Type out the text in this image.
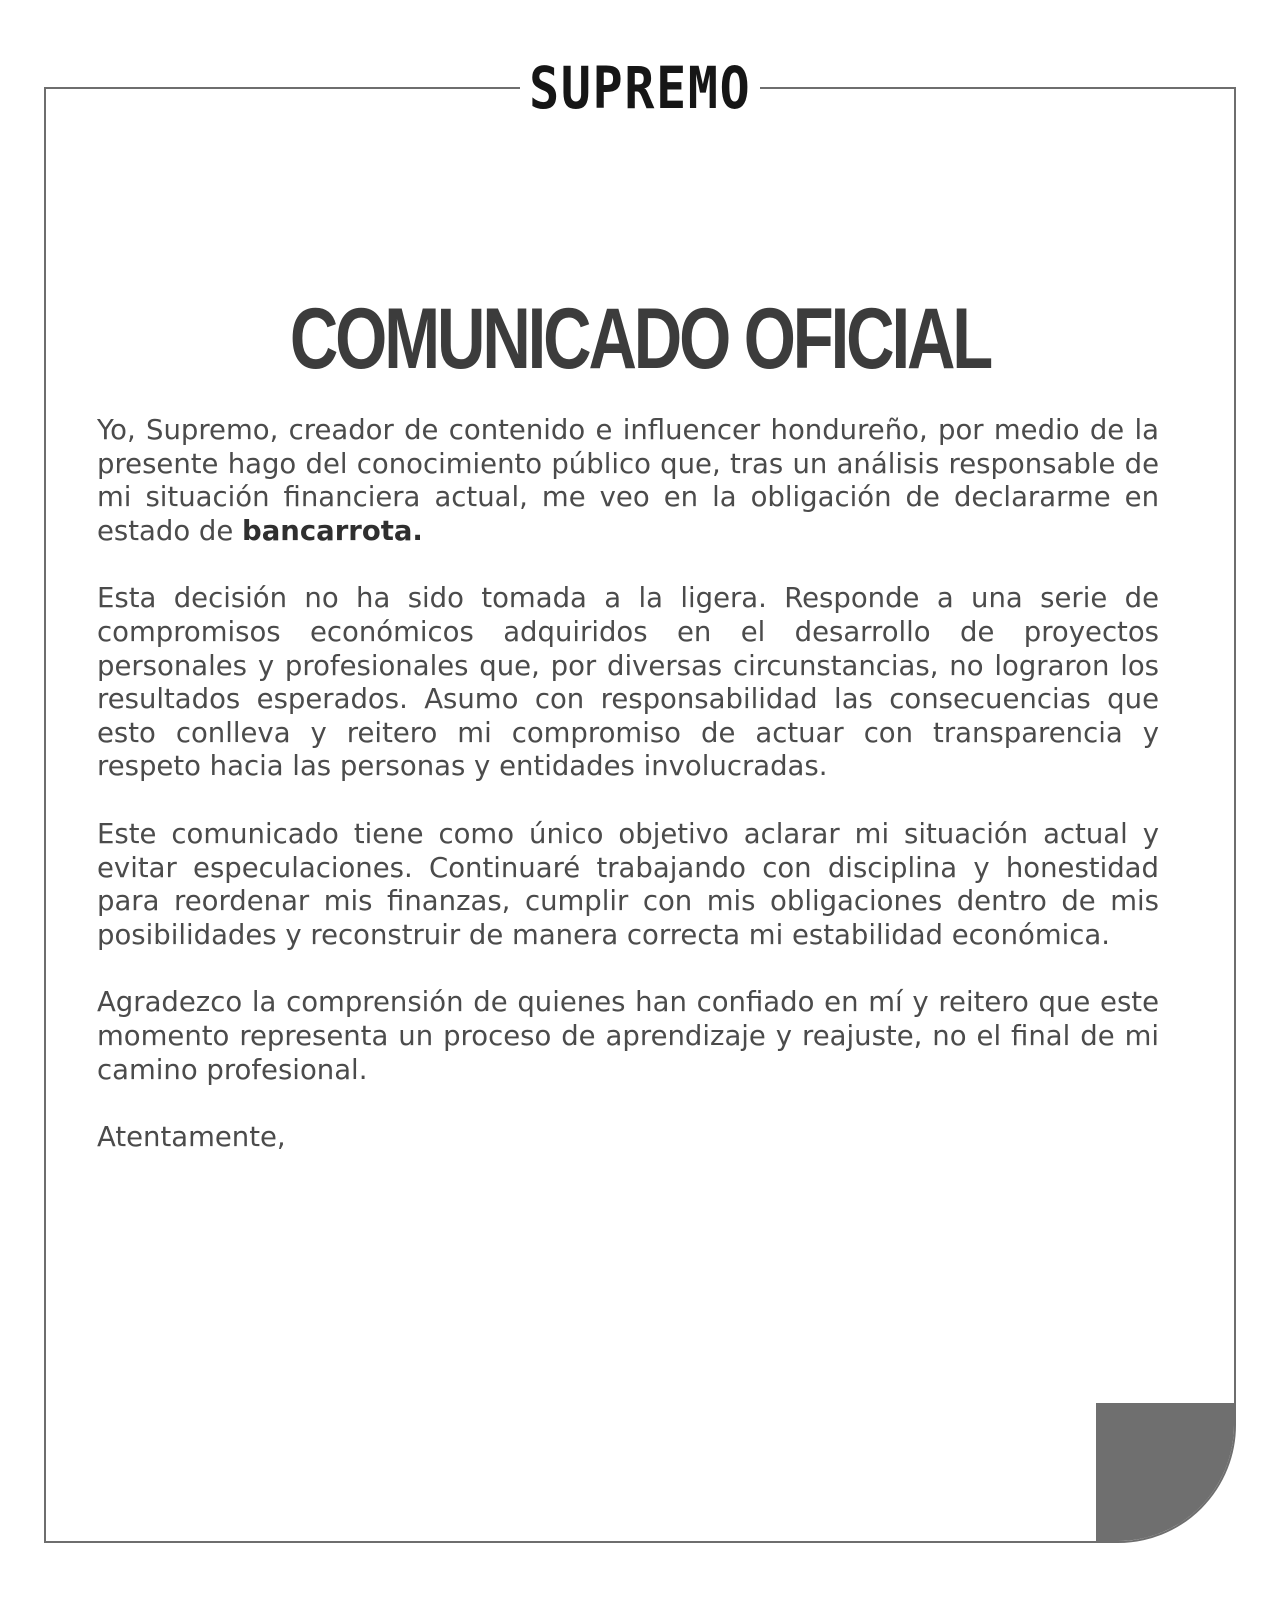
SUPREMO
COMUNICADO OFICIAL

Yo, Supremo, creador de contenido e influencer hondureño, por medio de la presente hago del conocimiento público que, tras un análisis responsable de mi situación financiera actual, me veo en la obligación de declararme en estado de bancarrota.

Esta decisión no ha sido tomada a la ligera. Responde a una serie de compromisos económicos adquiridos en el desarrollo de proyectos personales y profesionales que, por diversas circunstancias, no lograron los resultados esperados. Asumo con responsabilidad las consecuencias que esto conlleva y reitero mi compromiso de actuar con transparencia y respeto hacia las personas y entidades involucradas.

Este comunicado tiene como único objetivo aclarar mi situación actual y evitar especulaciones. Continuaré trabajando con disciplina y honestidad para reordenar mis finanzas, cumplir con mis obligaciones dentro de mis posibilidades y reconstruir de manera correcta mi estabilidad económica.

Agradezco la comprensión de quienes han confiado en mí y reitero que este momento representa un proceso de aprendizaje y reajuste, no el final de mi camino profesional.

Atentamente,
